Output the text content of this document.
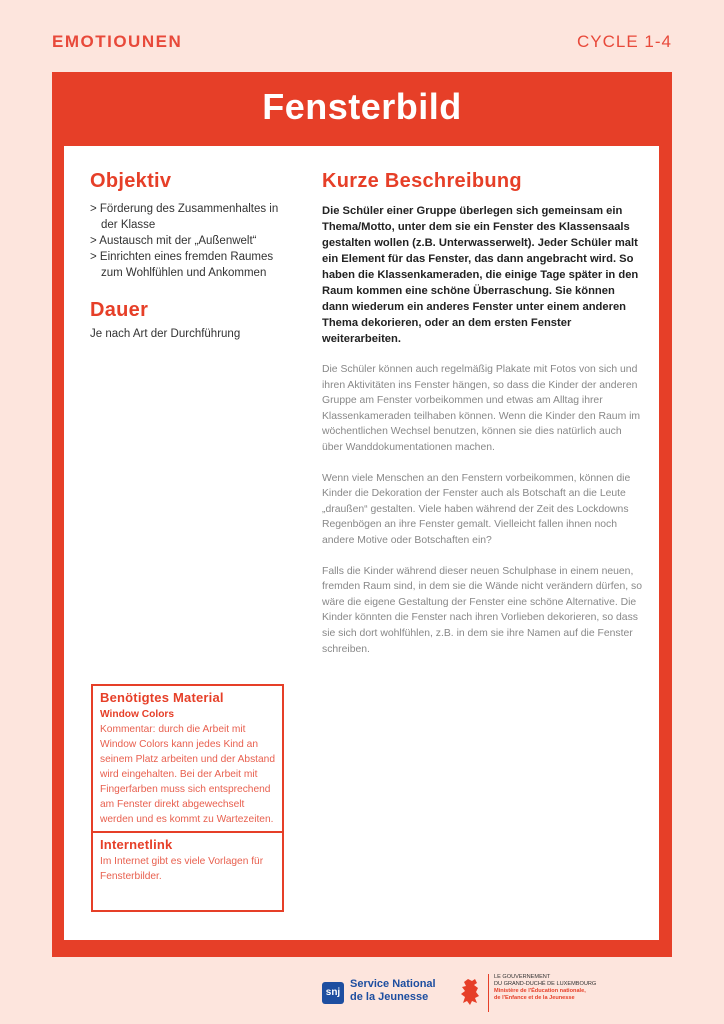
EMOTIOUNEN	CYCLE 1-4
Fensterbild
Objektiv
> Förderung des Zusammenhaltes in der Klasse
> Austausch mit der „Außenwelt“
> Einrichten eines fremden Raumes zum Wohlfühlen und Ankommen
Dauer
Je nach Art der Durchführung
Kurze Beschreibung

Die Schüler einer Gruppe überlegen sich gemeinsam ein Thema/Motto, unter dem sie ein Fenster des Klassensaals gestalten wollen (z.B. Unterwasserwelt). Jeder Schüler malt ein Element für das Fenster, das dann angebracht wird. So haben die Klassenkameraden, die einige Tage später in den Raum kommen eine schöne Überraschung. Sie können dann wiederum ein anderes Fenster unter einem anderen Thema dekorieren, oder an dem ersten Fenster weiterarbeiten.

Die Schüler können auch regelmäßig Plakate mit Fotos von sich und ihren Aktivitäten ins Fenster hängen, so dass die Kinder der anderen Gruppe am Fenster vorbeikommen und etwas am Alltag ihrer Klassenkameraden teilhaben können. Wenn die Kinder den Raum im wöchentlichen Wechsel benutzen, können sie dies natürlich auch über Wanddokumentationen machen.

Wenn viele Menschen an den Fenstern vorbeikommen, können die Kinder die Dekoration der Fenster auch als Botschaft an die Leute „draußen“ gestalten. Viele haben während der Zeit des Lockdowns Regenbögen an ihre Fenster gemalt. Vielleicht fallen ihnen noch andere Motive oder Botschaften ein?

Falls die Kinder während dieser neuen Schulphase in einem neuen, fremden Raum sind, in dem sie die Wände nicht verändern dürfen, so wäre die eigene Gestaltung der Fenster eine schöne Alternative. Die Kinder könnten die Fenster nach ihren Vorlieben dekorieren, so dass sie sich dort wohlfühlen, z.B. in dem sie ihre Namen auf die Fenster schreiben.

Benötigtes Material
Window Colors
Kommentar: durch die Arbeit mit Window Colors kann jedes Kind an seinem Platz arbeiten und der Abstand wird eingehalten. Bei der Arbeit mit Fingerfarben muss sich entsprechend am Fenster direkt abgewechselt werden und es kommt zu Wartezeiten.
Internetlink
Im Internet gibt es viele Vorlagen für Fensterbilder.
snj
Service National
de la Jeunesse
LE GOUVERNEMENT
DU GRAND-DUCHÉ DE LUXEMBOURG
Ministère de l'Éducation nationale,
de l'Enfance et de la Jeunesse
